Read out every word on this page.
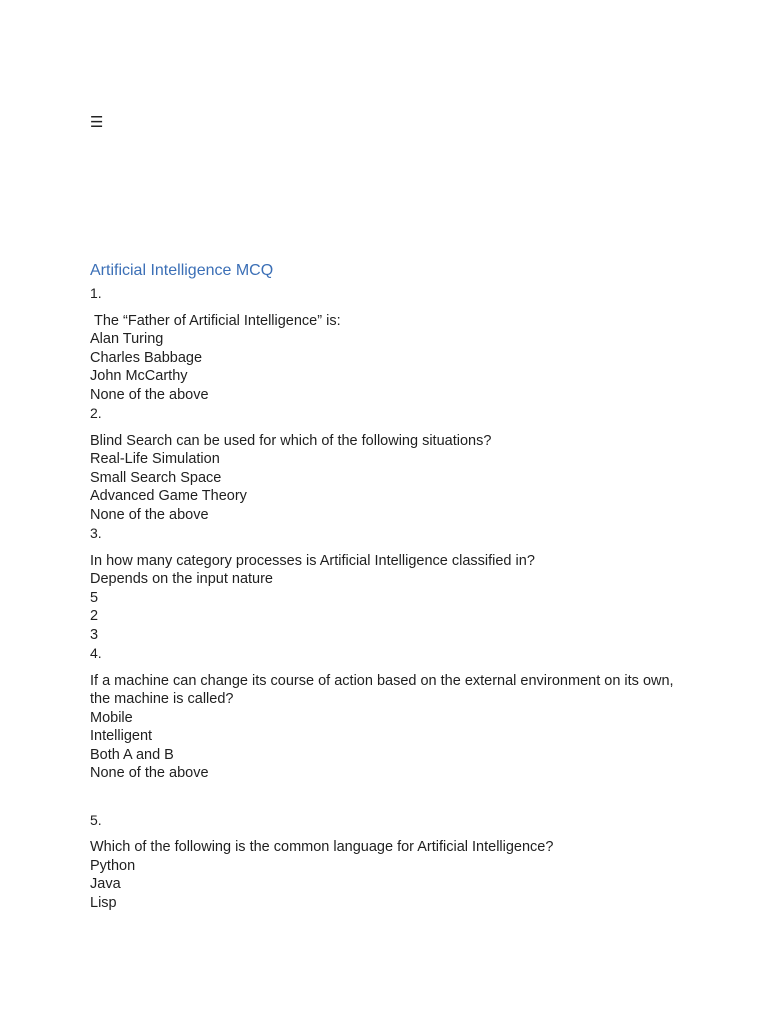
☰
Artificial Intelligence MCQ
1.
The “Father of Artificial Intelligence” is:
Alan Turing
Charles Babbage
John McCarthy
None of the above
2.
Blind Search can be used for which of the following situations?
Real-Life Simulation
Small Search Space
Advanced Game Theory
None of the above
3.
In how many category processes is Artificial Intelligence classified in?
Depends on the input nature
5
2
3
4.
If a machine can change its course of action based on the external environment on its own, the machine is called?
Mobile
Intelligent
Both A and B
None of the above
5.
Which of the following is the common language for Artificial Intelligence?
Python
Java
Lisp
